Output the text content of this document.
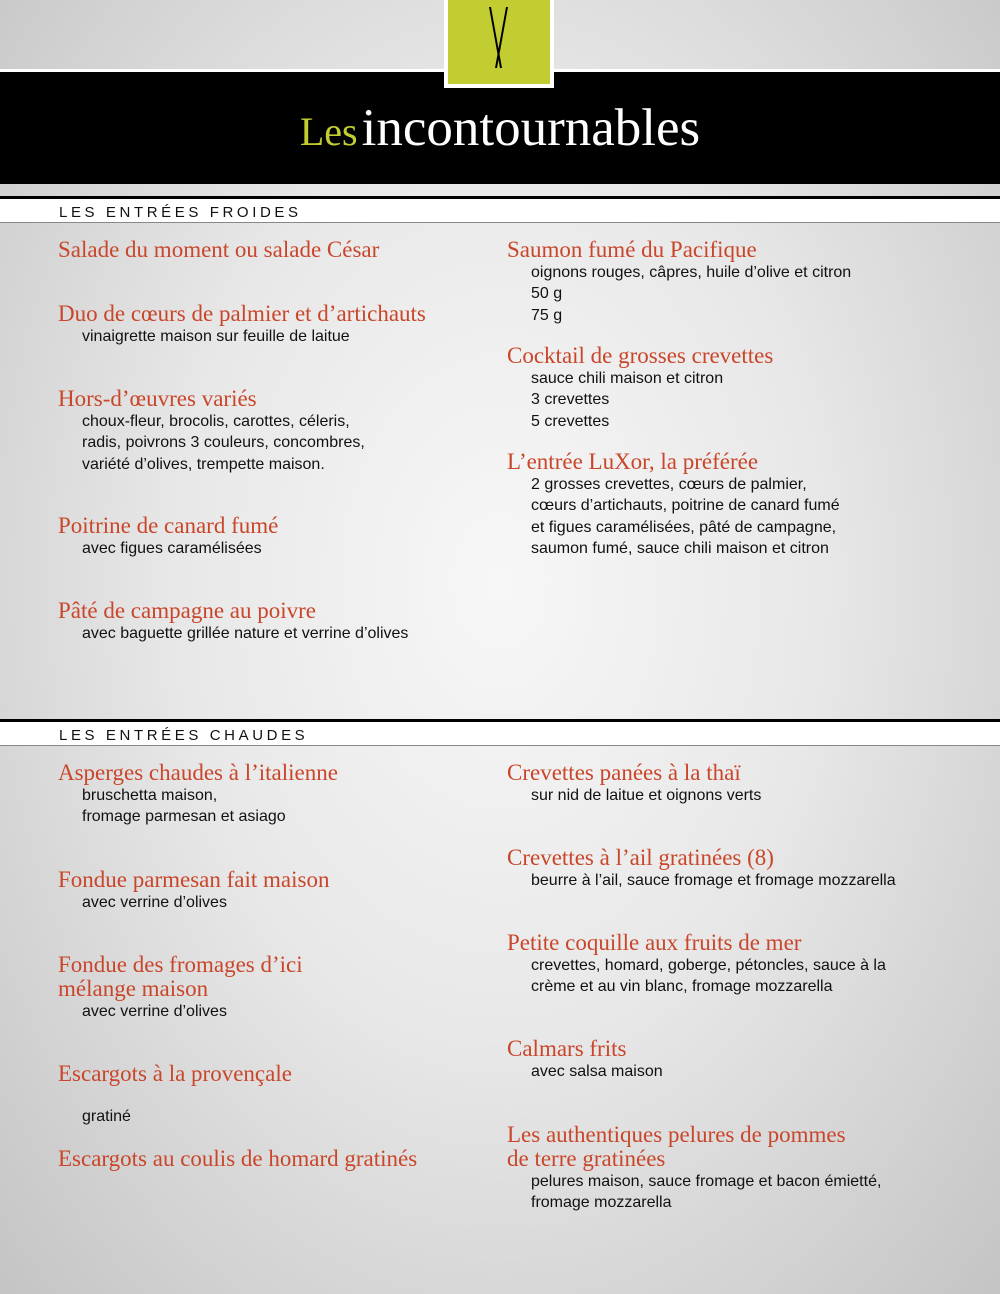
Les incontournables
LES ENTRÉES FROIDES
Salade du moment ou salade César
Duo de cœurs de palmier et d’artichauts
vinaigrette maison sur feuille de laitue
Hors-d’œuvres variés
choux-fleur, brocolis, carottes, céleris,
radis, poivrons 3 couleurs, concombres,
variété d’olives, trempette maison.
Poitrine de canard fumé
avec figues caramélisées
Pâté de campagne au poivre
avec baguette grillée nature et verrine d’olives
Saumon fumé du Pacifique
oignons rouges, câpres, huile d’olive et citron
50 g
75 g
Cocktail de grosses crevettes
sauce chili maison et citron
3 crevettes
5 crevettes
L’entrée LuXor, la préférée
2 grosses crevettes, cœurs de palmier,
cœurs d’artichauts, poitrine de canard fumé
et figues caramélisées, pâté de campagne,
saumon fumé, sauce chili maison et citron
LES ENTRÉES CHAUDES
Asperges chaudes à l’italienne
bruschetta maison,
fromage parmesan et asiago
Fondue parmesan fait maison
avec verrine d’olives
Fondue des fromages d’ici
mélange maison
avec verrine d’olives
Escargots à la provençale
Escargots au coulis de homard gratinés
gratiné
Crevettes panées à la thaï
sur nid de laitue et oignons verts
Crevettes à l’ail gratinées (8)
beurre à l’ail, sauce fromage et fromage mozzarella
Petite coquille aux fruits de mer
crevettes, homard, goberge, pétoncles, sauce à la
crème et au vin blanc, fromage mozzarella
Calmars frits
avec salsa maison
Les authentiques pelures de pommes
de terre gratinées
pelures maison, sauce fromage et bacon émietté,
fromage mozzarella
